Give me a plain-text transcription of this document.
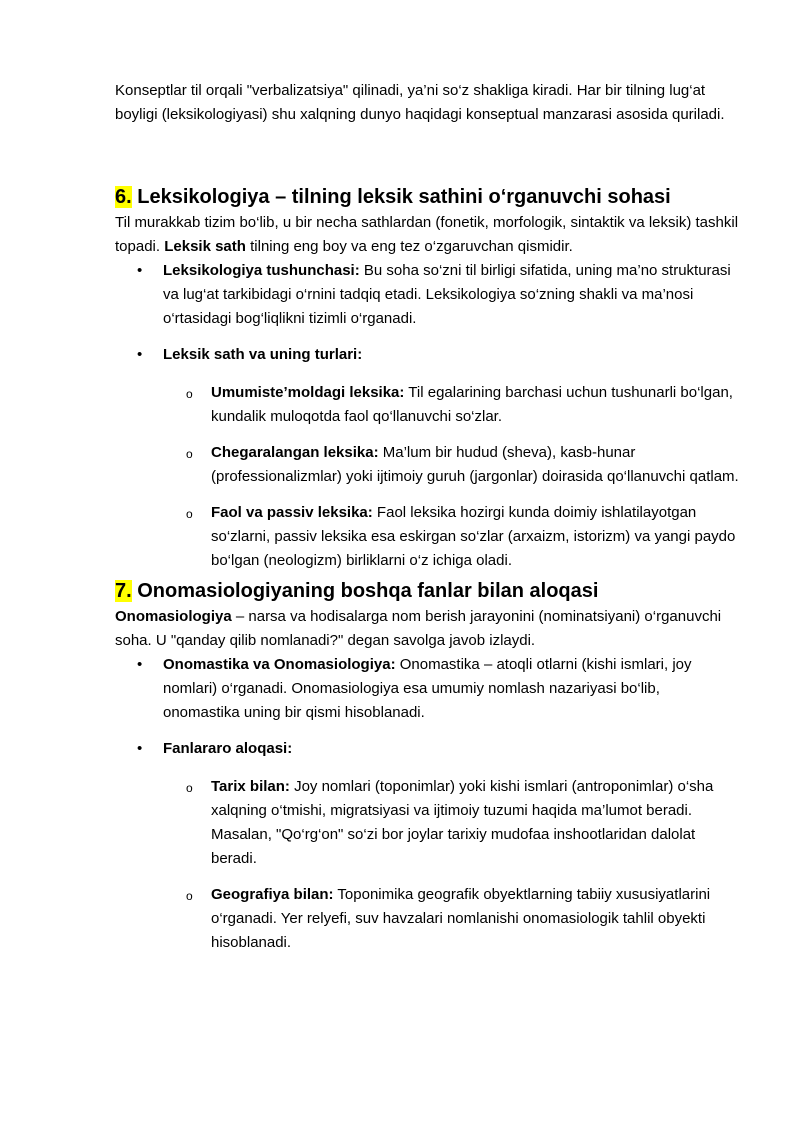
Konseptlar til orqali "verbalizatsiya" qilinadi, ya’ni so‘z shakliga kiradi. Har bir tilning lug‘at boyligi (leksikologiyasi) shu xalqning dunyo haqidagi konseptual manzarasi asosida quriladi.

6. Leksikologiya – tilning leksik sathini o‘rganuvchi sohasi

Til murakkab tizim bo‘lib, u bir necha sathlardan (fonetik, morfologik, sintaktik va leksik) tashkil topadi. Leksik sath tilning eng boy va eng tez o‘zgaruvchan qismidir.

• Leksikologiya tushunchasi: Bu soha so‘zni til birligi sifatida, uning ma’no strukturasi va lug‘at tarkibidagi o‘rnini tadqiq etadi. Leksikologiya so‘zning shakli va ma’nosi o‘rtasidagi bog‘liqlikni tizimli o‘rganadi.
• Leksik sath va uning turlari:
o Umumiste’moldagi leksika: Til egalarining barchasi uchun tushunarli bo‘lgan, kundalik muloqotda faol qo‘llanuvchi so‘zlar.
o Chegaralangan leksika: Ma’lum bir hudud (sheva), kasb-hunar (professionalizmlar) yoki ijtimoiy guruh (jargonlar) doirasida qo‘llanuvchi qatlam.
o Faol va passiv leksika: Faol leksika hozirgi kunda doimiy ishlatilayotgan so‘zlarni, passiv leksika esa eskirgan so‘zlar (arxaizm, istorizm) va yangi paydo bo‘lgan (neologizm) birliklarni o‘z ichiga oladi.
7. Onomasiologiyaning boshqa fanlar bilan aloqasi

Onomasiologiya – narsa va hodisalarga nom berish jarayonini (nominatsiyani) o‘rganuvchi soha. U "qanday qilib nomlanadi?" degan savolga javob izlaydi.

• Onomastika va Onomasiologiya: Onomastika – atoqli otlarni (kishi ismlari, joy nomlari) o‘rganadi. Onomasiologiya esa umumiy nomlash nazariyasi bo‘lib, onomastika uning bir qismi hisoblanadi.
• Fanlararo aloqasi:
o Tarix bilan: Joy nomlari (toponimlar) yoki kishi ismlari (antroponimlar) o‘sha xalqning o‘tmishi, migratsiyasi va ijtimoiy tuzumi haqida ma’lumot beradi. Masalan, "Qo‘rg‘on" so‘zi bor joylar tarixiy mudofaa inshootlaridan dalolat beradi.
o Geografiya bilan: Toponimika geografik obyektlarning tabiiy xususiyatlarini o‘rganadi. Yer relyefi, suv havzalari nomlanishi onomasiologik tahlil obyekti hisoblanadi.
